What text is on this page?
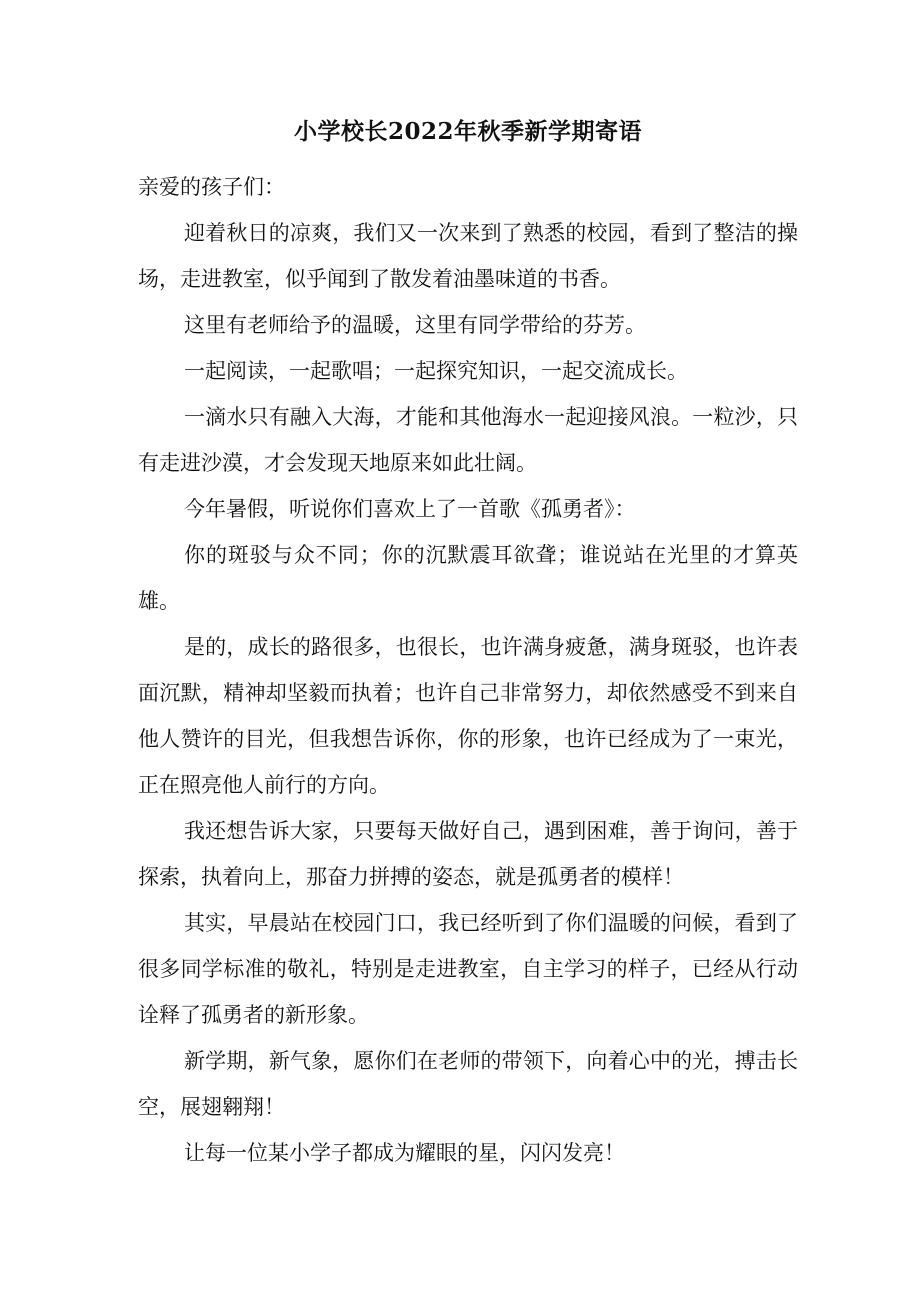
小学校长2022年秋季新学期寄语

亲爱的孩子们：

迎着秋日的凉爽，我们又一次来到了熟悉的校园，看到了整洁的操场，走进教室，似乎闻到了散发着油墨味道的书香。

这里有老师给予的温暖，这里有同学带给的芬芳。

一起阅读，一起歌唱；一起探究知识，一起交流成长。

一滴水只有融入大海，才能和其他海水一起迎接风浪。一粒沙，只有走进沙漠，才会发现天地原来如此壮阔。

今年暑假，听说你们喜欢上了一首歌《孤勇者》：

你的斑驳与众不同；你的沉默震耳欲聋；谁说站在光里的才算英雄。

是的，成长的路很多，也很长，也许满身疲惫，满身斑驳，也许表面沉默，精神却坚毅而执着；也许自己非常努力，却依然感受不到来自他人赞许的目光，但我想告诉你，你的形象，也许已经成为了一束光，正在照亮他人前行的方向。

我还想告诉大家，只要每天做好自己，遇到困难，善于询问，善于探索，执着向上，那奋力拼搏的姿态，就是孤勇者的模样！

其实，早晨站在校园门口，我已经听到了你们温暖的问候，看到了很多同学标准的敬礼，特别是走进教室，自主学习的样子，已经从行动诠释了孤勇者的新形象。

新学期，新气象，愿你们在老师的带领下，向着心中的光，搏击长空，展翅翱翔！

让每一位某小学子都成为耀眼的星，闪闪发亮！
